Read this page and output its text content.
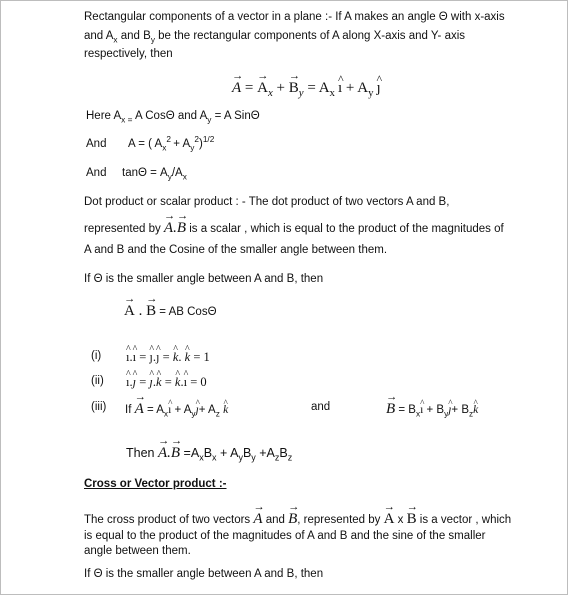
Rectangular components of a vector in a plane :- If A makes an angle Θ with x-axis
and $A_x$ and $B_y$ be the rectangular components of A along X-axis and Y- axis
respectively, then
→ A = → $A_x$ + → $B_y = A_x$  ^ ı + $A_y$  ^ ȷ
Here $A_x$  $_=$ A CosΘ and $A_y = A$ SinΘ
And A = ( $A_x^2 + A_y^2)^{1/2}$
And $\tan\Theta = A_y/A_x$
Dot product or scalar product : - The dot product of two vectors A and B,
represented by → A.→ B is a scalar , which is equal to the product of the magnitudes of
A and B and the Cosine of the smaller angle between them.
If Θ is the smaller angle between A and B, then
→ A . → B = AB CosΘ
(i) ^ ı.^ ı = ^ ȷ.^ ȷ = ^ k. ^ k = 1
(ii) ^ ı.^ ȷ = ^ ȷ.^ k = ^ k.^ ı = 0
(iii) $If \to A = A_x\^{}$ ı + $A_y\^{}$ ȷ+ $A_z$ ^ k	and	→ $B = B_x\^{}$ ı + $B_y\^{}$ ȷ+ $B_z\^{}$ k
Then → $A.\to B =A_xB_x + A_yB_y +A_zB_z$
Cross or Vector product :-
The cross product of two vectors → A and → B, represented by → A x → B is a vector , which
is equal to the product of the magnitudes of A and B and the sine of the smaller
angle between them.
If Θ is the smaller angle between A and B, then
